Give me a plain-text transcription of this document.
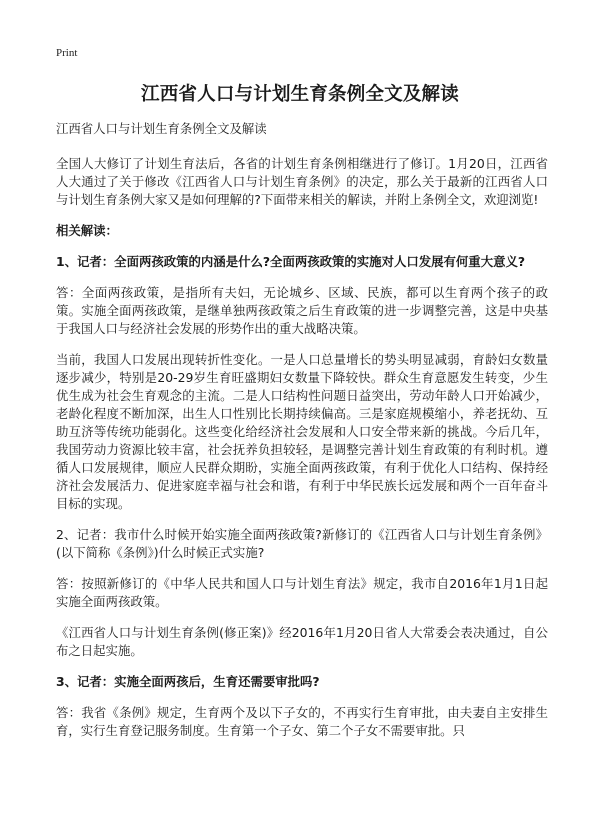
Print
江西省人口与计划生育条例全文及解读

江西省人口与计划生育条例全文及解读

全国人大修订了计划生育法后，各省的计划生育条例相继进行了修订。1月20日，江西省人大通过了关于修改《江西省人口与计划生育条例》的决定，那么关于最新的江西省人口与计划生育条例大家又是如何理解的?下面带来相关的解读，并附上条例全文，欢迎浏览!

相关解读：

1、记者：全面两孩政策的内涵是什么?全面两孩政策的实施对人口发展有何重大意义?

答：全面两孩政策，是指所有夫妇，无论城乡、区域、民族，都可以生育两个孩子的政策。实施全面两孩政策，是继单独两孩政策之后生育政策的进一步调整完善，这是中央基于我国人口与经济社会发展的形势作出的重大战略决策。

当前，我国人口发展出现转折性变化。一是人口总量增长的势头明显减弱，育龄妇女数量逐步减少，特别是20-29岁生育旺盛期妇女数量下降较快。群众生育意愿发生转变，少生优生成为社会生育观念的主流。二是人口结构性问题日益突出，劳动年龄人口开始减少，老龄化程度不断加深，出生人口性别比长期持续偏高。三是家庭规模缩小，养老抚幼、互助互济等传统功能弱化。这些变化给经济社会发展和人口安全带来新的挑战。今后几年，我国劳动力资源比较丰富，社会抚养负担较轻，是调整完善计划生育政策的有利时机。遵循人口发展规律，顺应人民群众期盼，实施全面两孩政策，有利于优化人口结构、保持经济社会发展活力、促进家庭幸福与社会和谐，有利于中华民族长远发展和两个一百年奋斗目标的实现。

2、记者：我市什么时候开始实施全面两孩政策?新修订的《江西省人口与计划生育条例》(以下简称《条例》)什么时候正式实施?

答：按照新修订的《中华人民共和国人口与计划生育法》规定，我市自2016年1月1日起实施全面两孩政策。

《江西省人口与计划生育条例(修正案)》经2016年1月20日省人大常委会表决通过，自公布之日起实施。

3、记者：实施全面两孩后，生育还需要审批吗?

答：我省《条例》规定，生育两个及以下子女的，不再实行生育审批，由夫妻自主安排生育，实行生育登记服务制度。生育第一个子女、第二个子女不需要审批。只
